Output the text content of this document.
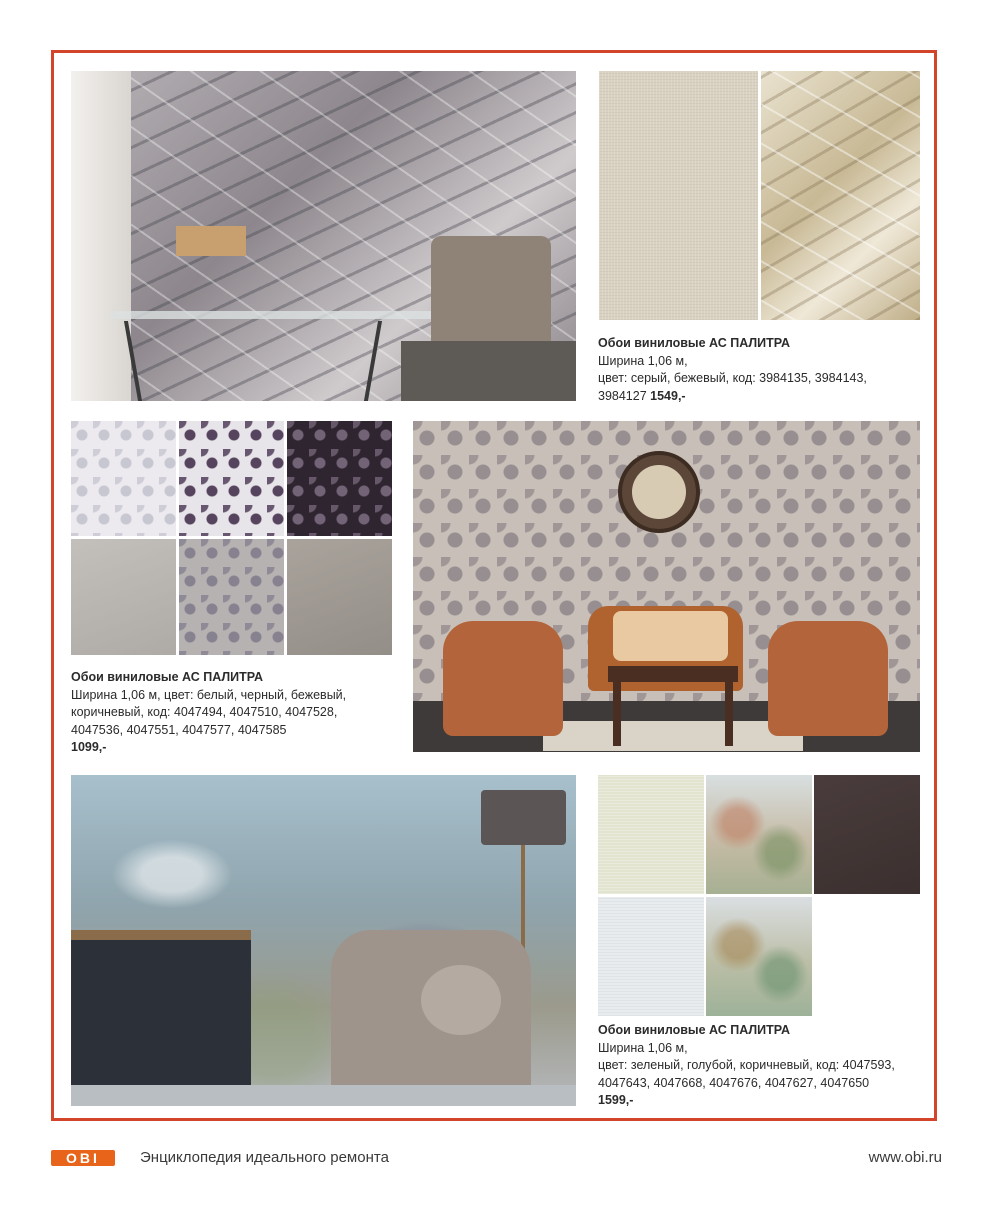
Обои виниловые АС ПАЛИТРА
Ширина 1,06 м,
цвет: серый, бежевый, код: 3984135, 3984143,
3984127 1549,-
Обои виниловые АС ПАЛИТРА
Ширина 1,06 м, цвет: белый, черный, бежевый,
коричневый, код: 4047494, 4047510, 4047528,
4047536, 4047551, 4047577, 4047585
1099,-
Обои виниловые АС ПАЛИТРА
Ширина 1,06 м,
цвет: зеленый, голубой, коричневый, код: 4047593,
4047643, 4047668, 4047676, 4047627, 4047650
1599,-
OBI	Энциклопедия идеального ремонта	www.obi.ru
